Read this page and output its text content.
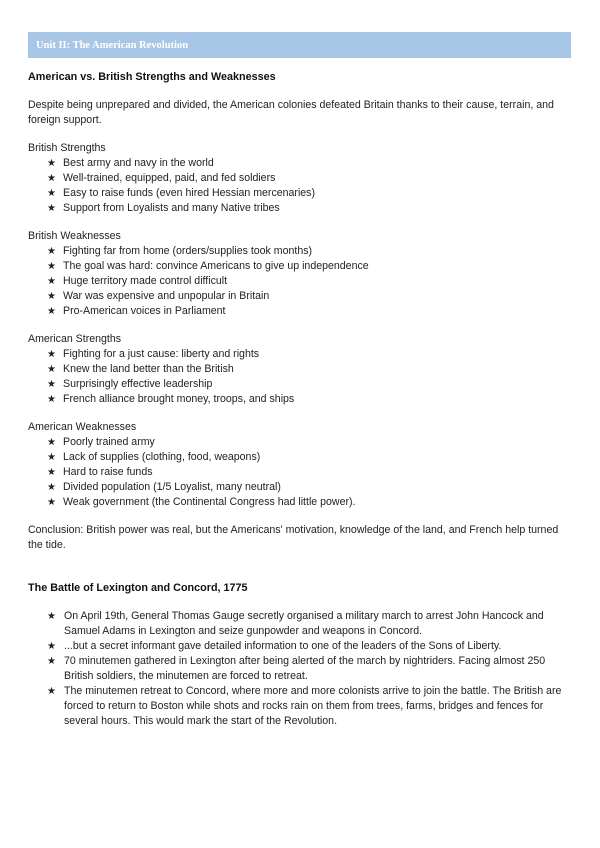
Unit II: The American Revolution
American vs. British Strengths and Weaknesses

Despite being unprepared and divided, the American colonies defeated Britain thanks to their cause, terrain, and foreign support.

British Strengths

★ Best army and navy in the world
★ Well-trained, equipped, paid, and fed soldiers
★ Easy to raise funds (even hired Hessian mercenaries)
★ Support from Loyalists and many Native tribes

British Weaknesses

★ Fighting far from home (orders/supplies took months)
★ The goal was hard: convince Americans to give up independence
★ Huge territory made control difficult
★ War was expensive and unpopular in Britain
★ Pro-American voices in Parliament

American Strengths

★ Fighting for a just cause: liberty and rights
★ Knew the land better than the British
★ Surprisingly effective leadership
★ French alliance brought money, troops, and ships

American Weaknesses

★ Poorly trained army
★ Lack of supplies (clothing, food, weapons)
★ Hard to raise funds
★ Divided population (1/5 Loyalist, many neutral)
★ Weak government (the Continental Congress had little power).

Conclusion: British power was real, but the Americans' motivation, knowledge of the land, and French help turned the tide.

The Battle of Lexington and Concord, 1775
★ On April 19th, General Thomas Gauge secretly organised a military march to arrest John Hancock and Samuel Adams in Lexington and seize gunpowder and weapons in Concord.
★ ...but a secret informant gave detailed information to one of the leaders of the Sons of Liberty.
★ 70 minutemen gathered in Lexington after being alerted of the march by nightriders. Facing almost 250 British soldiers, the minutemen are forced to retreat.
★ The minutemen retreat to Concord, where more and more colonists arrive to join the battle. The British are forced to return to Boston while shots and rocks rain on them from trees, farms, bridges and fences for several hours. This would mark the start of the Revolution.
